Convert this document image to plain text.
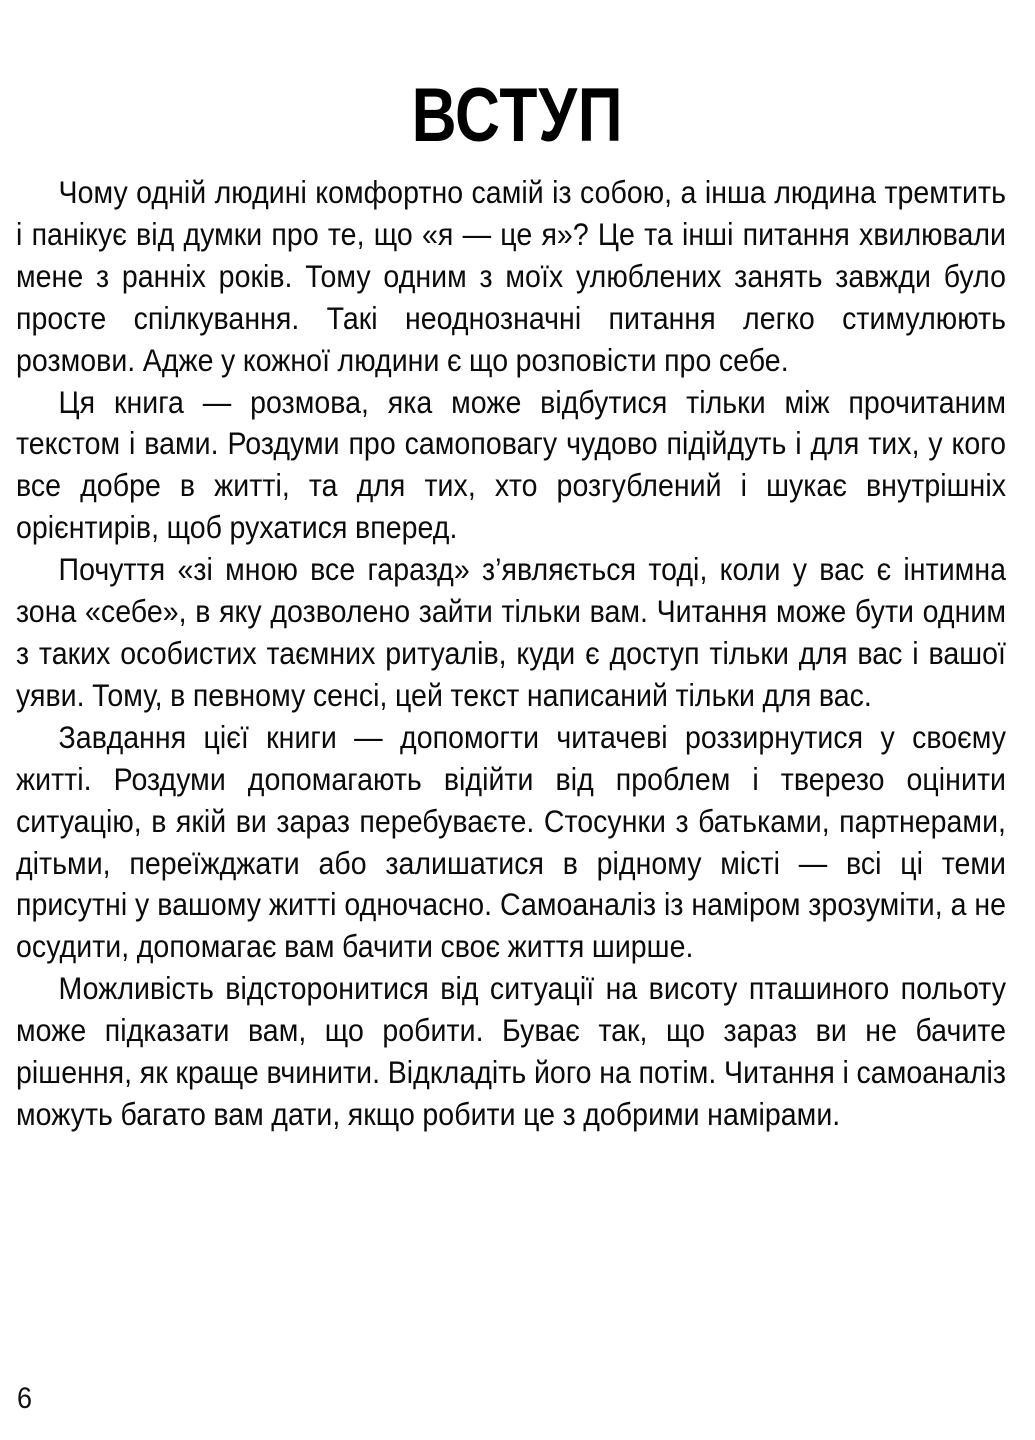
ВСТУП

Чому одній людині комфортно самій із собою, а інша людина тремтить і панікує від думки про те, що «я — це я»? Це та інші питання хвилювали мене з ранніх років. Тому одним з моїх улюблених занять завжди було просте спілкування. Такі неоднозначні питання легко стимулюють розмови. Адже у кожної людини є що розповісти про себе.

Ця книга — розмова, яка може відбутися тільки між прочитаним текстом і вами. Роздуми про самоповагу чудово підійдуть і для тих, у кого все добре в житті, та для тих, хто розгублений і шукає внутрішніх орієнтирів, щоб рухатися вперед.

Почуття «зі мною все гаразд» з’являється тоді, коли у вас є інтимна зона «себе», в яку дозволено зайти тільки вам. Читання може бути одним з таких особистих таємних ритуалів, куди є доступ тільки для вас і вашої уяви. Тому, в певному сенсі, цей текст написаний тільки для вас.

Завдання цієї книги — допомогти читачеві роззирнутися у своєму житті. Роздуми допомагають відійти від проблем і тверезо оцінити ситуацію, в якій ви зараз перебуваєте. Стосунки з батьками, партнерами, дітьми, переїжджати або залишатися в рідному місті — всі ці теми присутні у вашому житті одночасно. Самоаналіз із наміром зрозуміти, а не осудити, допомагає вам бачити своє життя ширше.

Можливість відсторонитися від ситуації на висоту пташиного польоту може підказати вам, що робити. Буває так, що зараз ви не бачите рішення, як краще вчинити. Відкладіть його на потім. Читання і самоаналіз можуть багато вам дати, якщо робити це з добрими намірами.

6
